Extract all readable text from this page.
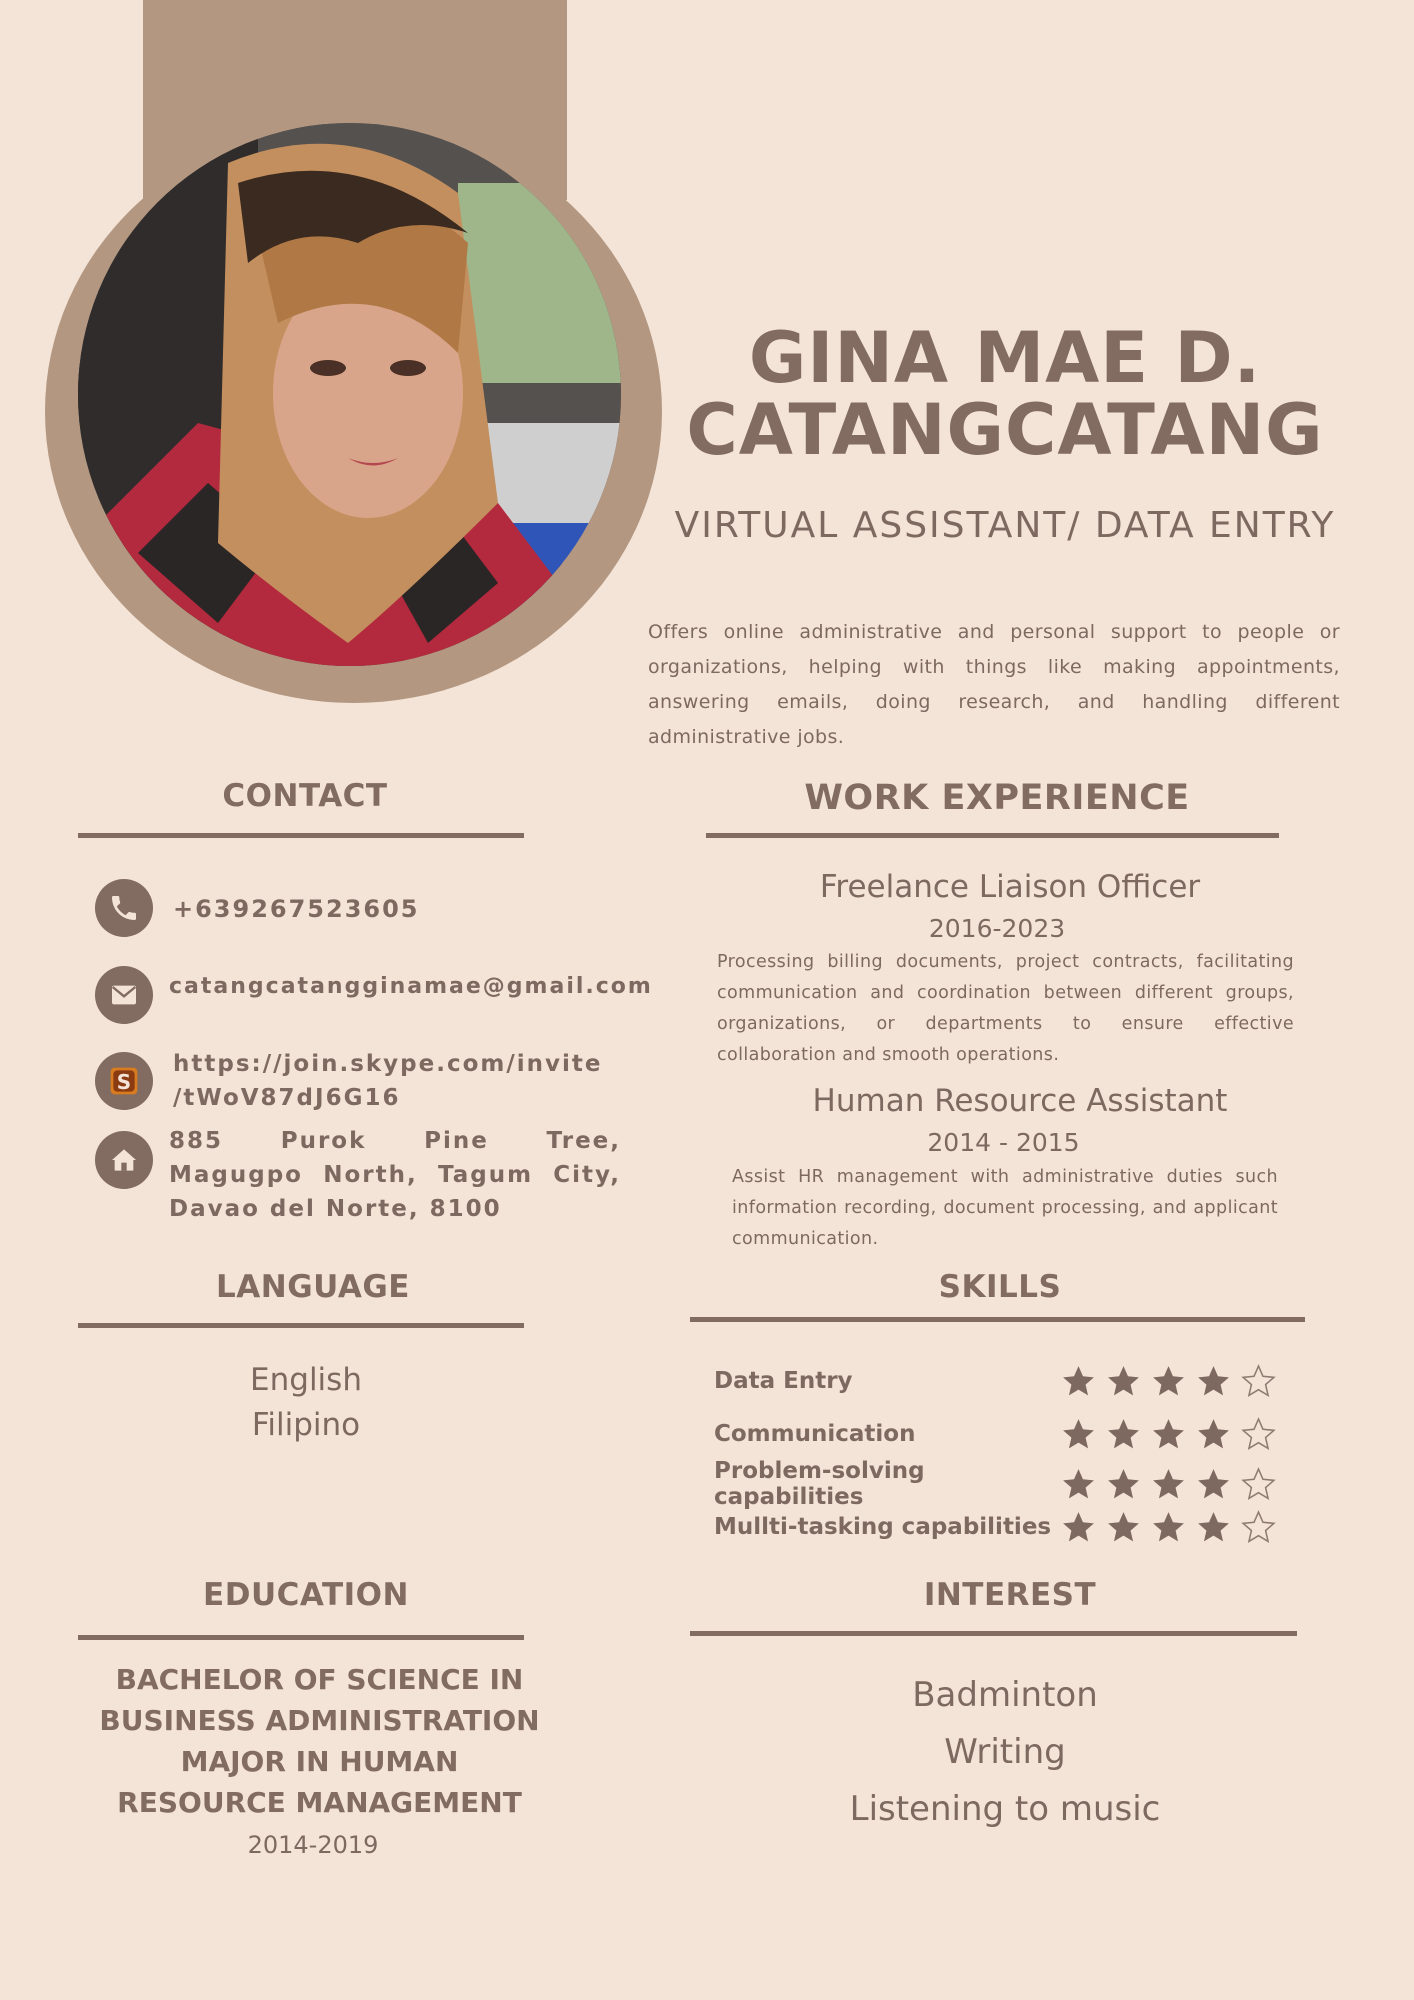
GINA MAE D.
CATANGCATANG
VIRTUAL ASSISTANT/ DATA ENTRY
Offers online administrative and personal support to people or organizations, helping with things like making appointments, answering emails, doing research, and handling different administrative jobs.
CONTACT
+639267523605
catangcatangginamae@gmail.com
S
https://join.skype.com/invite
/tWoV87dJ6G16
885 Purok Pine Tree, Magugpo North, Tagum City, Davao del Norte, 8100
WORK EXPERIENCE
Freelance Liaison Officer
2016-2023
Processing billing documents, project contracts, facilitating communication and coordination between different groups, organizations, or departments to ensure effective collaboration and smooth operations.
Human Resource Assistant
2014 - 2015
Assist HR management with administrative duties such information recording, document processing, and applicant communication.
LANGUAGE
English
Filipino
SKILLS
Data Entry
Communication
Problem-solving capabilities
Mullti-tasking capabilities
EDUCATION
BACHELOR OF SCIENCE IN
BUSINESS ADMINISTRATION
MAJOR IN HUMAN
RESOURCE MANAGEMENT
2014-2019
INTEREST
Badminton
Writing
Listening to music
